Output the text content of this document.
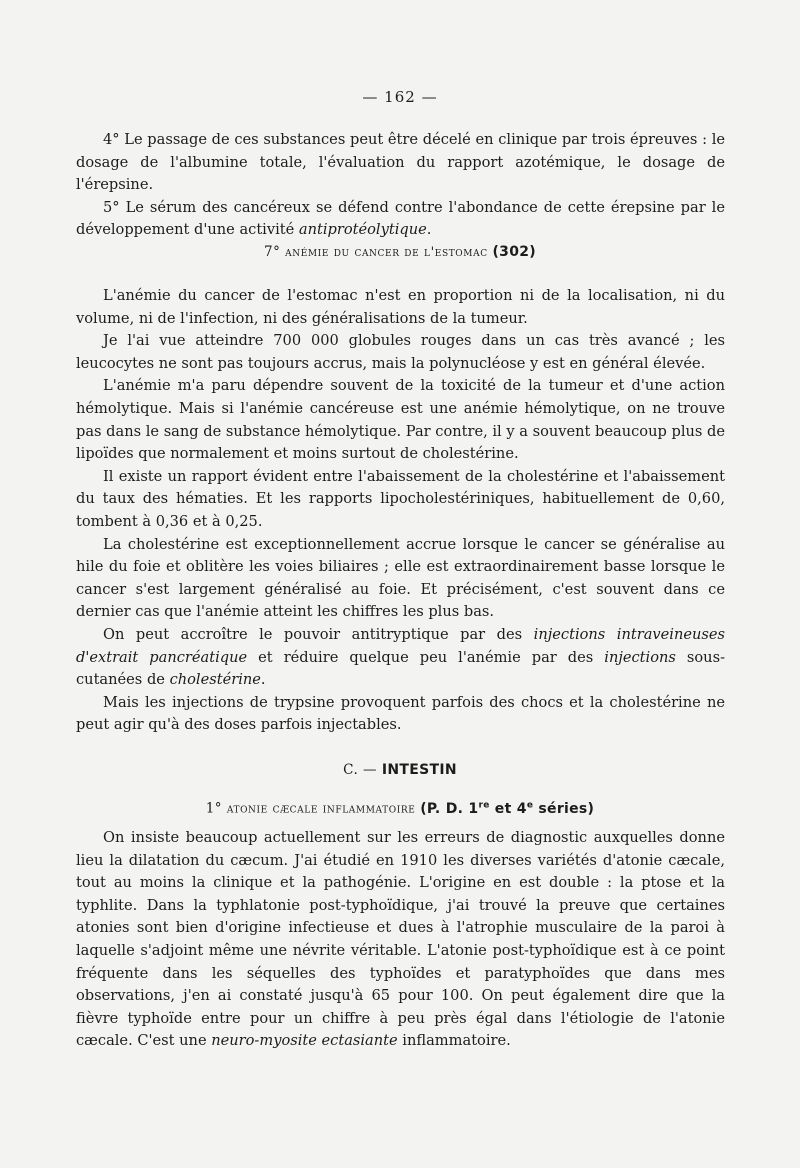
— 162 —

4° Le passage de ces substances peut être décelé en clinique par trois épreuves : le dosage de l'albumine totale, l'évaluation du rapport azotémique, le dosage de l'érepsine.

5° Le sérum des cancéreux se défend contre l'abondance de cette érepsine par le développement d'une activité antiprotéolytique.

7° anémie du cancer de l'estomac (302)

L'anémie du cancer de l'estomac n'est en proportion ni de la localisation, ni du volume, ni de l'infection, ni des généralisations de la tumeur.

Je l'ai vue atteindre 700 000 globules rouges dans un cas très avancé ; les leucocytes ne sont pas toujours accrus, mais la polynucléose y est en général élevée.

L'anémie m'a paru dépendre souvent de la toxicité de la tumeur et d'une action hémolytique. Mais si l'anémie cancéreuse est une anémie hémolytique, on ne trouve pas dans le sang de substance hémolytique. Par contre, il y a souvent beaucoup plus de lipoïdes que normalement et moins surtout de cholestérine.

Il existe un rapport évident entre l'abaissement de la cholestérine et l'abaissement du taux des hématies. Et les rapports lipocholestériniques, habituellement de 0,60, tombent à 0,36 et à 0,25.

La cholestérine est exceptionnellement accrue lorsque le cancer se généralise au hile du foie et oblitère les voies biliaires ; elle est extraordinairement basse lorsque le cancer s'est largement généralisé au foie. Et précisément, c'est souvent dans ce dernier cas que l'anémie atteint les chiffres les plus bas.

On peut accroître le pouvoir antitryptique par des injections intraveineuses d'extrait pancréatique et réduire quelque peu l'anémie par des injections sous-cutanées de cholestérine.

Mais les injections de trypsine provoquent parfois des chocs et la cholestérine ne peut agir qu'à des doses parfois injectables.

C. — INTESTIN
1° atonie cæcale inflammatoire (P. D. 1re et 4e séries)

On insiste beaucoup actuellement sur les erreurs de diagnostic auxquelles donne lieu la dilatation du cæcum. J'ai étudié en 1910 les diverses variétés d'atonie cæcale, tout au moins la clinique et la pathogénie. L'origine en est double : la ptose et la typhlite. Dans la typhlatonie post-typhoïdique, j'ai trouvé la preuve que certaines atonies sont bien d'origine infectieuse et dues à l'atrophie musculaire de la paroi à laquelle s'adjoint même une névrite véritable. L'atonie post-typhoïdique est à ce point fréquente dans les séquelles des typhoïdes et paratyphoïdes que dans mes observations, j'en ai constaté jusqu'à 65 pour 100. On peut également dire que la fièvre typhoïde entre pour un chiffre à peu près égal dans l'étiologie de l'atonie cæcale. C'est une neuro-myosite ectasiante inflammatoire.
